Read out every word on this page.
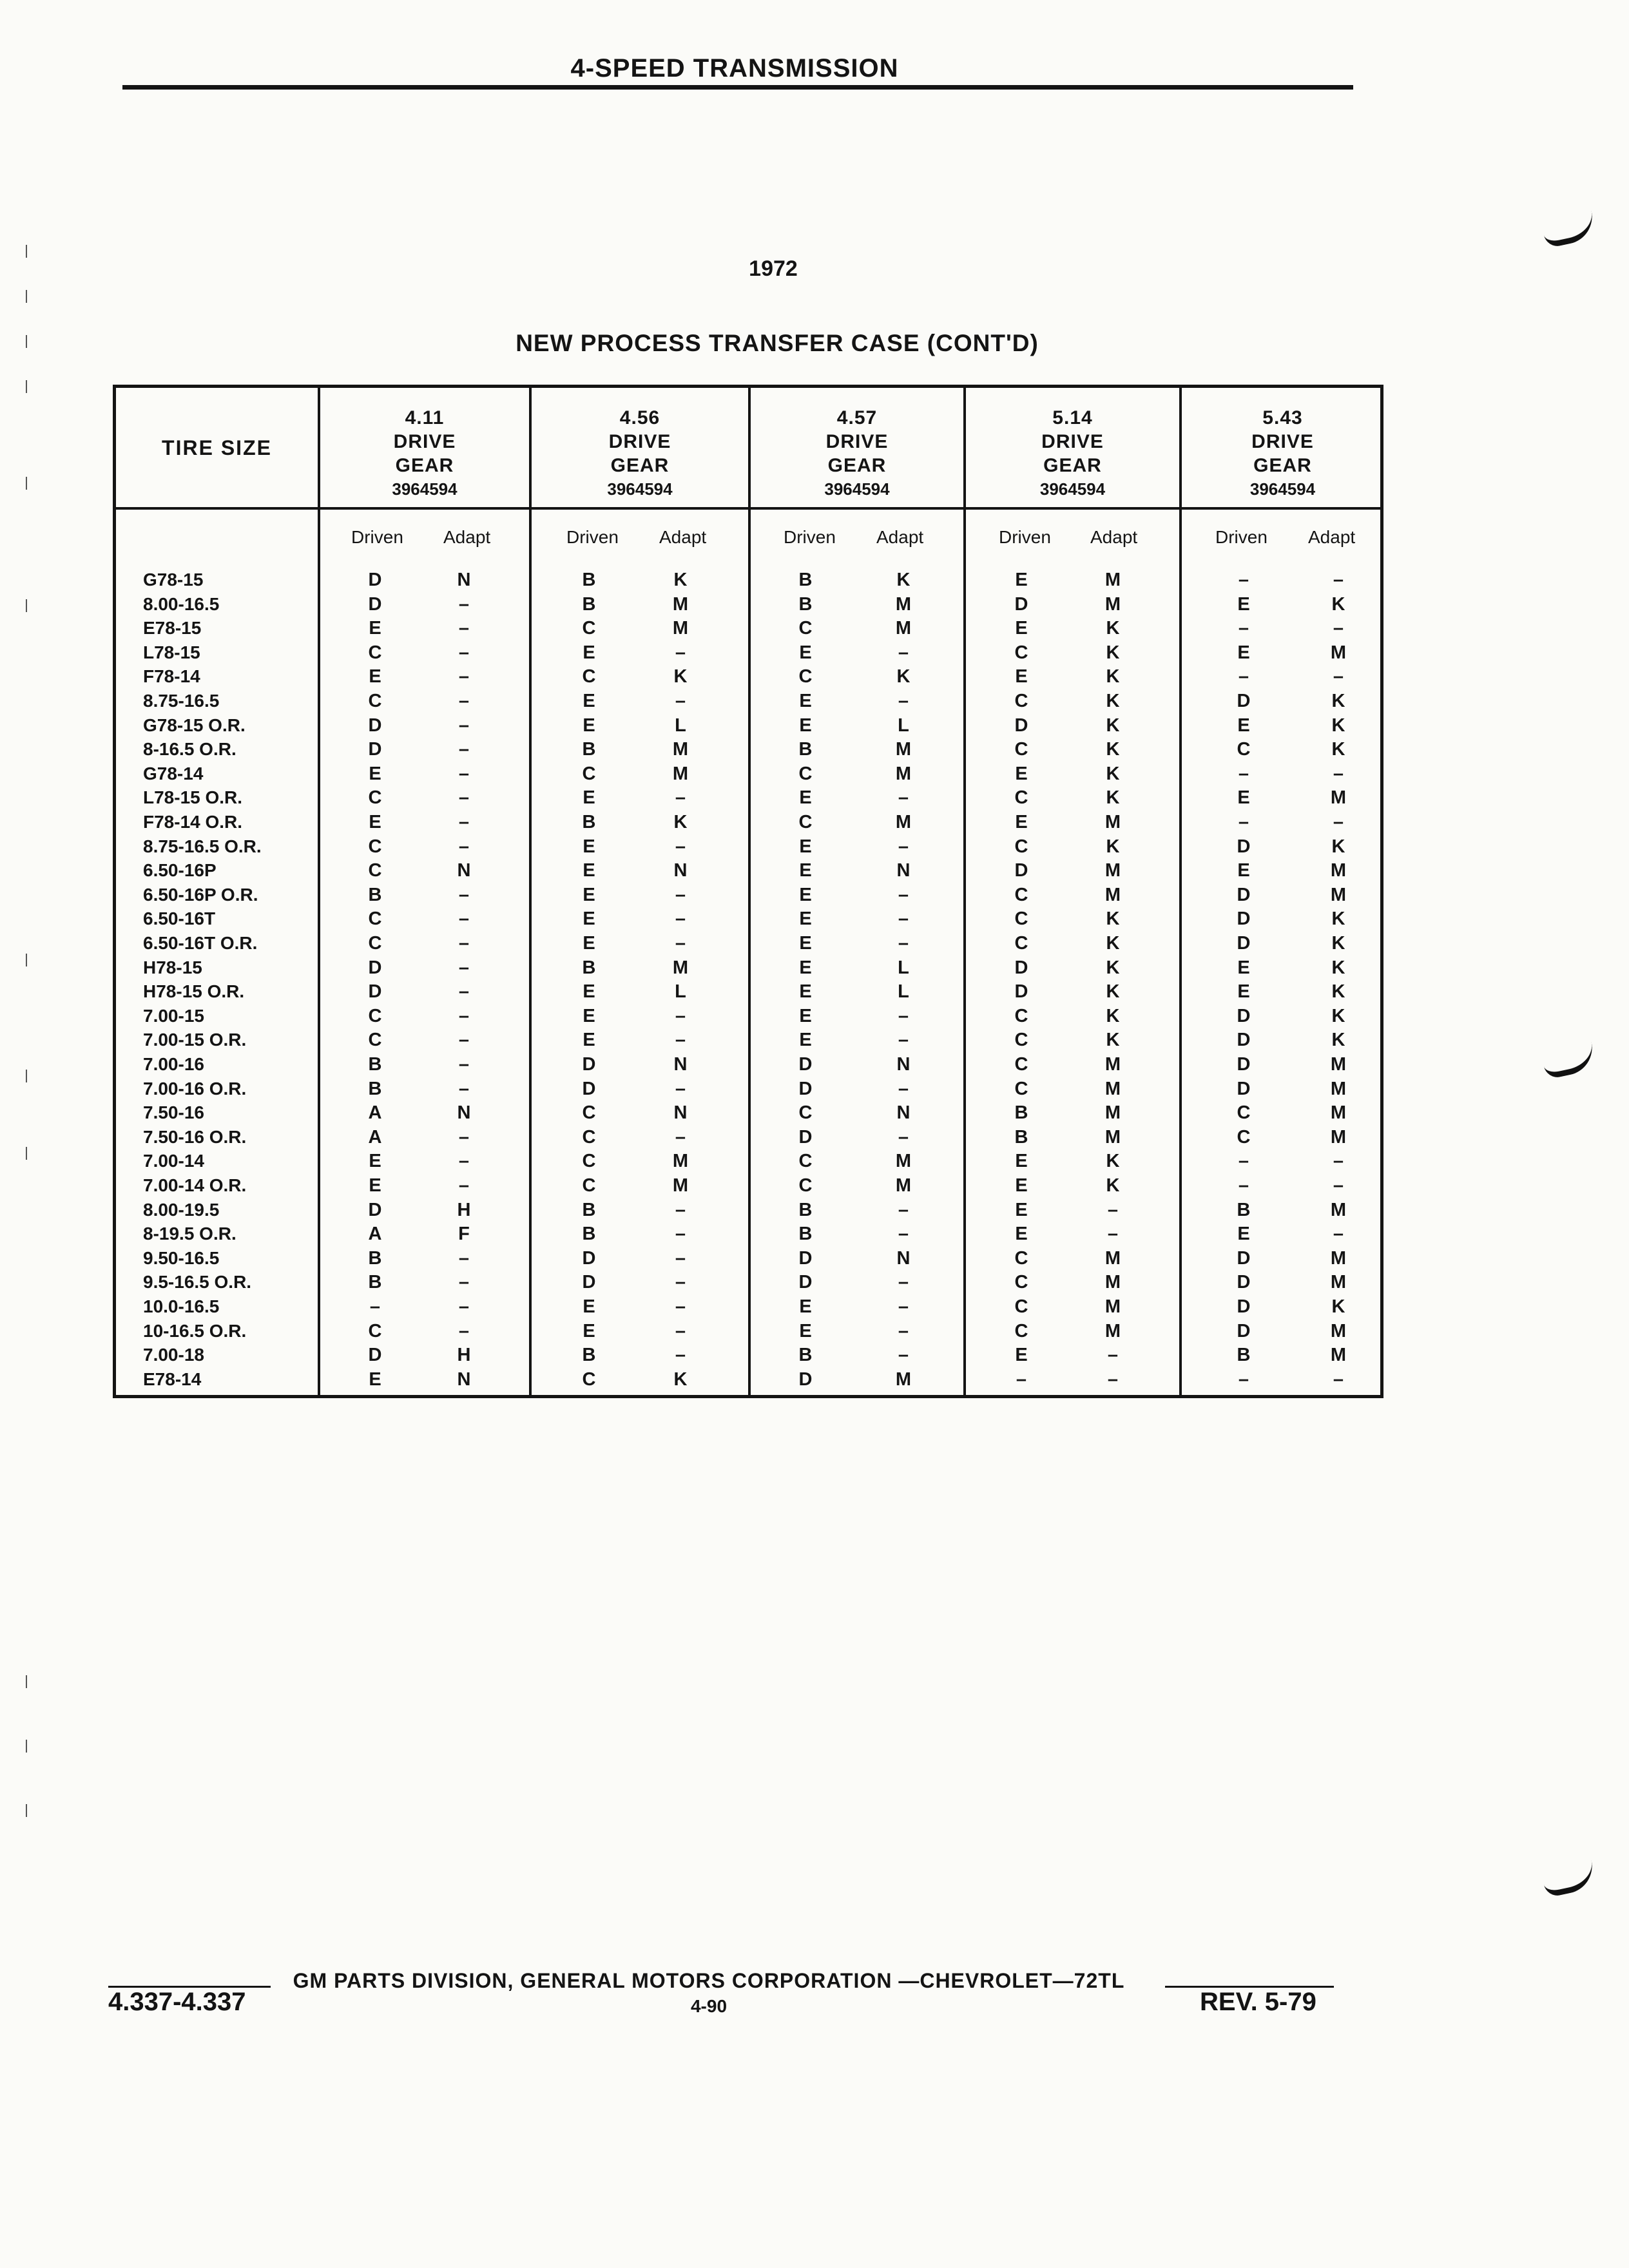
4-SPEED TRANSMISSION
1972
NEW PROCESS TRANSFER CASE (CONT'D)
TIRE SIZE
4.11
DRIVE
GEAR
3964594
4.56
DRIVE
GEAR
3964594
4.57
DRIVE
GEAR
3964594
5.14
DRIVE
GEAR
3964594
5.43
DRIVE
GEAR
3964594
Driven Adapt	Driven Adapt	Driven Adapt	Driven Adapt	Driven Adapt
G78-15	D	N	B	K	B	K	E	M	–	–
8.00-16.5	D	–	B	M	B	M	D	M	E	K
E78-15	E	–	C	M	C	M	E	K	–	–
L78-15	C	–	E	–	E	–	C	K	E	M
F78-14	E	–	C	K	C	K	E	K	–	–
8.75-16.5	C	–	E	–	E	–	C	K	D	K
G78-15 O.R.	D	–	E	L	E	L	D	K	E	K
8-16.5 O.R.	D	–	B	M	B	M	C	K	C	K
G78-14	E	–	C	M	C	M	E	K	–	–
L78-15 O.R.	C	–	E	–	E	–	C	K	E	M
F78-14 O.R.	E	–	B	K	C	M	E	M	–	–
8.75-16.5 O.R.	C	–	E	–	E	–	C	K	D	K
6.50-16P	C	N	E	N	E	N	D	M	E	M
6.50-16P O.R.	B	–	E	–	E	–	C	M	D	M
6.50-16T	C	–	E	–	E	–	C	K	D	K
6.50-16T O.R.	C	–	E	–	E	–	C	K	D	K
H78-15	D	–	B	M	E	L	D	K	E	K
H78-15 O.R.	D	–	E	L	E	L	D	K	E	K
7.00-15	C	–	E	–	E	–	C	K	D	K
7.00-15 O.R.	C	–	E	–	E	–	C	K	D	K
7.00-16	B	–	D	N	D	N	C	M	D	M
7.00-16 O.R.	B	–	D	–	D	–	C	M	D	M
7.50-16	A	N	C	N	C	N	B	M	C	M
7.50-16 O.R.	A	–	C	–	D	–	B	M	C	M
7.00-14	E	–	C	M	C	M	E	K	–	–
7.00-14 O.R.	E	–	C	M	C	M	E	K	–	–
8.00-19.5	D	H	B	–	B	–	E	–	B	M
8-19.5 O.R.	A	F	B	–	B	–	E	–	E	–
9.50-16.5	B	–	D	–	D	N	C	M	D	M
9.5-16.5 O.R.	B	–	D	–	D	–	C	M	D	M
10.0-16.5	–	–	E	–	E	–	C	M	D	K
10-16.5 O.R.	C	–	E	–	E	–	C	M	D	M
7.00-18	D	H	B	–	B	–	E	–	B	M
E78-14	E	N	C	K	D	M	–	–	–	–
4.337-4.337
GM PARTS DIVISION, GENERAL MOTORS CORPORATION —CHEVROLET—72TL
4-90	REV. 5-79
